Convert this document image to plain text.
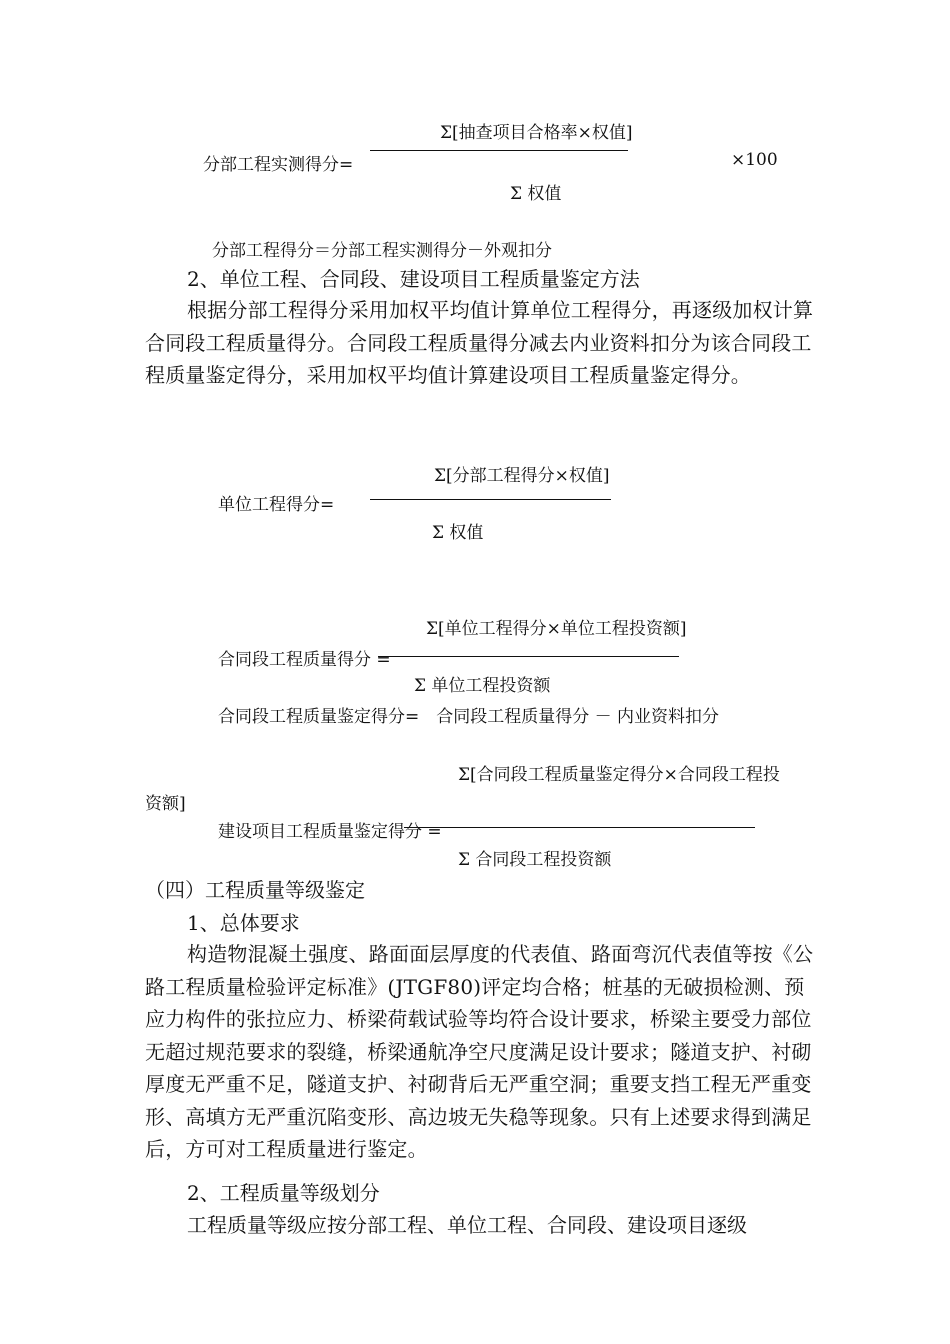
Σ[抽查项目合格率×权值]
分部工程实测得分=	×100
Σ 权值
分部工程得分＝分部工程实测得分－外观扣分
2、单位工程、合同段、建设项目工程质量鉴定方法
根据分部工程得分采用加权平均值计算单位工程得分，再逐级加权计算合同段工程质量得分。合同段工程质量得分减去内业资料扣分为该合同段工程质量鉴定得分，采用加权平均值计算建设项目工程质量鉴定得分。
Σ[分部工程得分×权值]
单位工程得分=
Σ 权值
Σ[单位工程得分×单位工程投资额]
合同段工程质量得分 =
Σ 单位工程投资额
合同段工程质量鉴定得分=　合同段工程质量得分 － 内业资料扣分
Σ[合同段工程质量鉴定得分×合同段工程投
资额]
建设项目工程质量鉴定得分 =
Σ 合同段工程投资额
（四）工程质量等级鉴定
1、总体要求
构造物混凝土强度、路面面层厚度的代表值、路面弯沉代表值等按《公路工程质量检验评定标准》(JTGF80)评定均合格；桩基的无破损检测、预应力构件的张拉应力、桥梁荷载试验等均符合设计要求，桥梁主要受力部位无超过规范要求的裂缝，桥梁通航净空尺度满足设计要求；隧道支护、衬砌厚度无严重不足，隧道支护、衬砌背后无严重空洞；重要支挡工程无严重变形、高填方无严重沉陷变形、高边坡无失稳等现象。只有上述要求得到满足后，方可对工程质量进行鉴定。
2、工程质量等级划分
工程质量等级应按分部工程、单位工程、合同段、建设项目逐级
